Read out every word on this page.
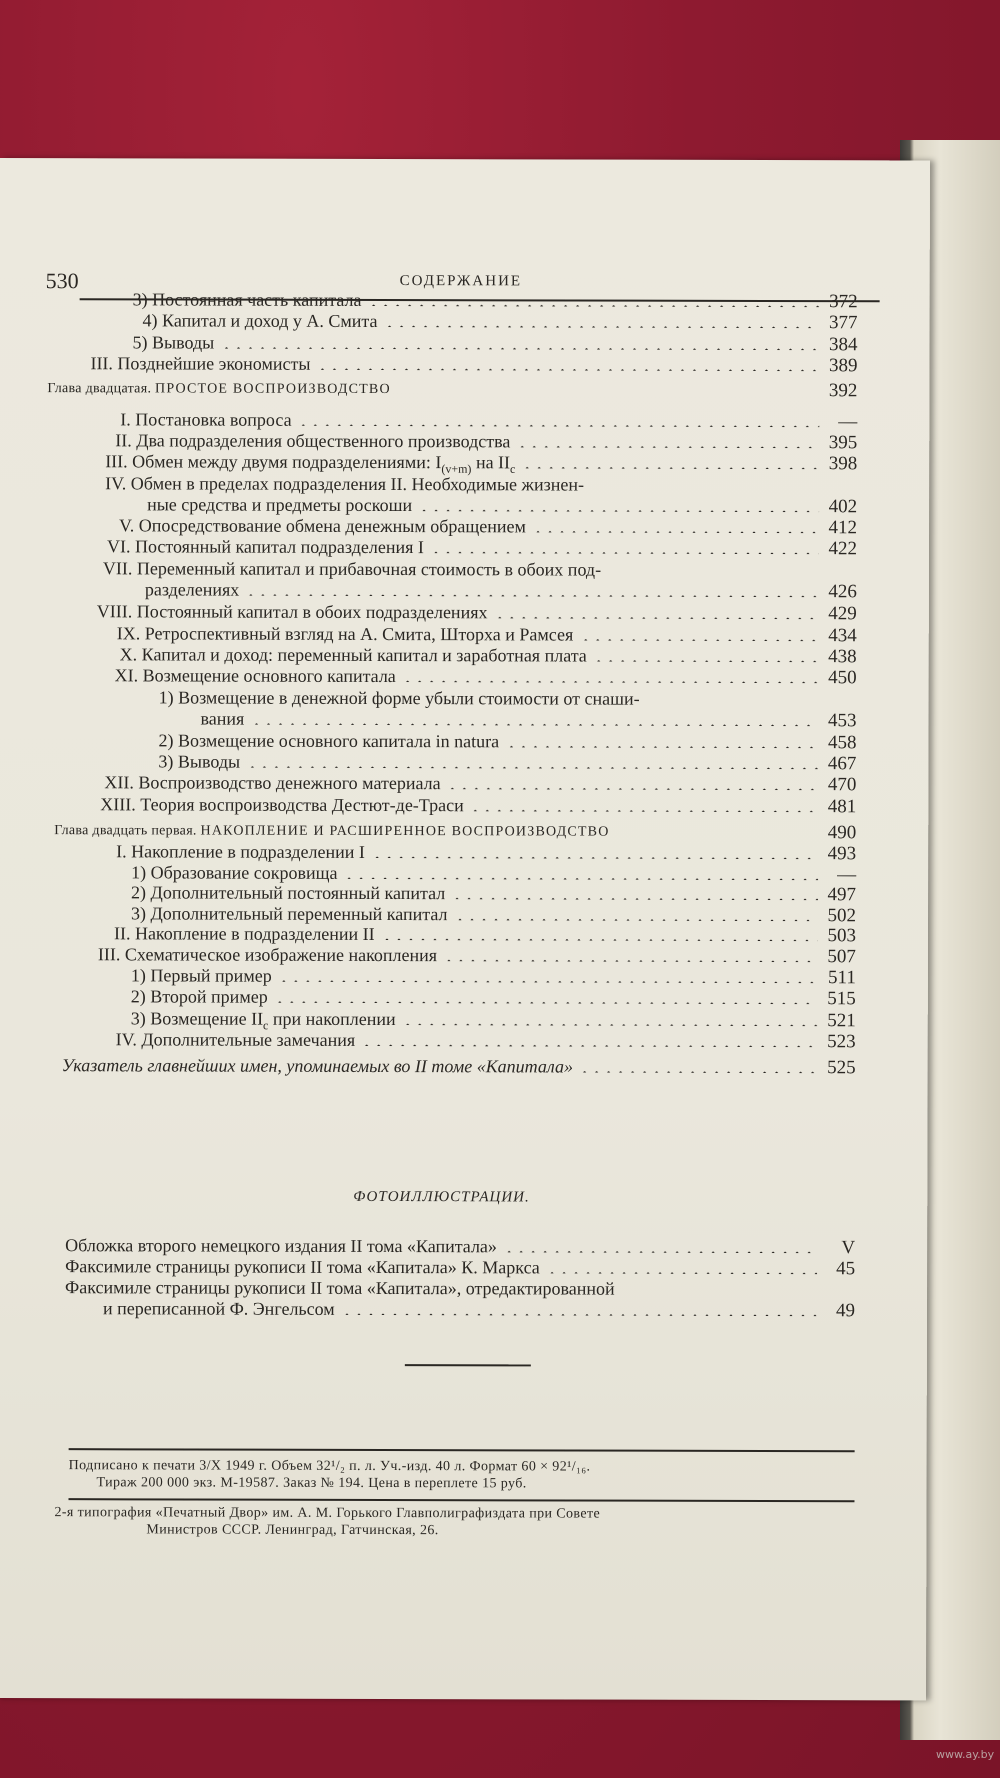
530	СОДЕРЖАНИЕ
3) Постоянная часть капитала	372
4) Капитал и доход у А. Смита	377
5) Выводы	384
III. Позднейшие экономисты	389
Глава двадцатая. ПРОСТОЕ ВОСПРОИЗВОДСТВО	392
I. Постановка вопроса	—
II. Два подразделения общественного производства	395
III. Обмен между двумя подразделениями: $I_{(v+m)}$ на $II_c$	398
IV. Обмен в пределах подразделения II. Необходимые жизнен-
ные средства и предметы роскоши	402
V. Опосредствование обмена денежным обращением	412
VI. Постоянный капитал подразделения I	422
VII. Переменный капитал и прибавочная стоимость в обоих под-
разделениях	426
VIII. Постоянный капитал в обоих подразделениях	429
IX. Ретроспективный взгляд на А. Смита, Шторха и Рамсея	434
X. Капитал и доход: переменный капитал и заработная плата	438
XI. Возмещение основного капитала	450
1) Возмещение в денежной форме убыли стоимости от снаши-
вания	453
2) Возмещение основного капитала in natura	458
3) Выводы	467
XII. Воспроизводство денежного материала	470
XIII. Теория воспроизводства Дестют-де-Траси	481
Глава двадцать первая. НАКОПЛЕНИЕ И РАСШИРЕННОЕ ВОСПРОИЗВОДСТВО	490
I. Накопление в подразделении I	493
1) Образование сокровища	—
2) Дополнительный постоянный капитал	497
3) Дополнительный переменный капитал	502
II. Накопление в подразделении II	503
III. Схематическое изображение накопления	507
1) Первый пример	511
2) Второй пример	515
3) Возмещение $II_c$ при накоплении	521
IV. Дополнительные замечания	523
Указатель главнейших имен, упоминаемых во II томе «Капитала»	525
ФОТОИЛЛЮСТРАЦИИ.
Обложка второго немецкого издания II тома «Капитала»	V
Факсимиле страницы рукописи II тома «Капитала» К. Маркса	45
Факсимиле страницы рукописи II тома «Капитала», отредактированной
и переписанной Ф. Энгельсом	49
Подписано к печати 3/X 1949 г. Объем 32¹/₂ п. л. Уч.-изд. 40 л. Формат 60 × 92¹/₁₆.
Тираж 200 000 экз. М-19587. Заказ № 194. Цена в переплете 15 руб.
2-я типография «Печатный Двор» им. А. М. Горького Главполиграфиздата при Совете
Министров СССР. Ленинград, Гатчинская, 26.
www.ay.by
